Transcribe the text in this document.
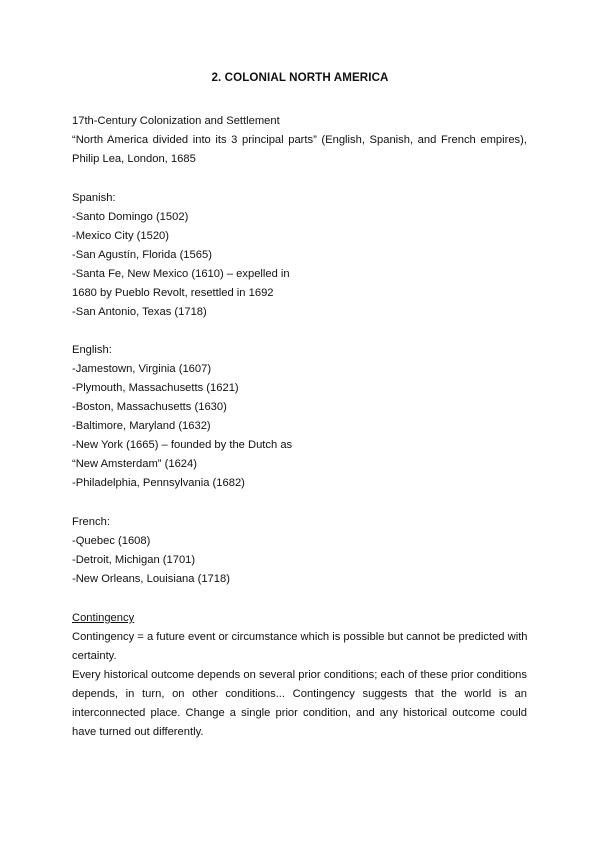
2. COLONIAL NORTH AMERICA
17th-Century Colonization and Settlement
“North America divided into its 3 principal parts” (English, Spanish, and French empires),
Philip Lea, London, 1685
Spanish:
-Santo Domingo (1502)
-Mexico City (1520)
-San Agustín, Florida (1565)
-Santa Fe, New Mexico (1610) – expelled in
1680 by Pueblo Revolt, resettled in 1692
-San Antonio, Texas (1718)
English:
-Jamestown, Virginia (1607)
-Plymouth, Massachusetts (1621)
-Boston, Massachusetts (1630)
-Baltimore, Maryland (1632)
-New York (1665) – founded by the Dutch as
“New Amsterdam” (1624)
-Philadelphia, Pennsylvania (1682)
French:
-Quebec (1608)
-Detroit, Michigan (1701)
-New Orleans, Louisiana (1718)
Contingency
Contingency = a future event or circumstance which is possible but cannot be predicted with
certainty.
Every historical outcome depends on several prior conditions; each of these prior conditions
depends, in turn, on other conditions... Contingency suggests that the world is an
interconnected place. Change a single prior condition, and any historical outcome could
have turned out differently.
